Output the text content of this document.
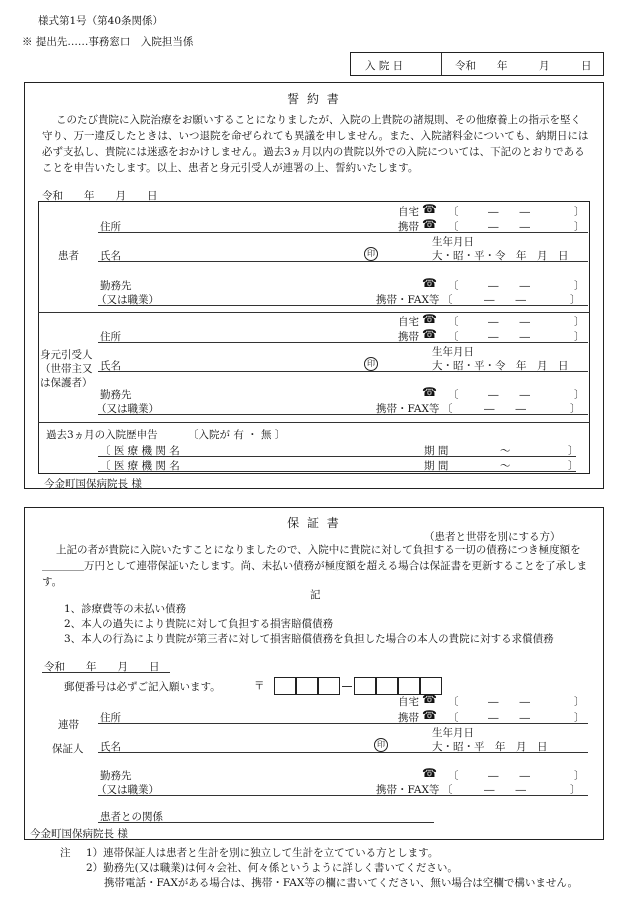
様式第1号（第40条関係）
※ 提出先……事務窓口　入院担当係
入 院 日	令和　　年　　　月　　　日
誓 約 書
このたび貴院に入院治療をお願いすることになりましたが、入院の上貴院の諸規則、その他療養上の指示を堅く守り、万一違反したときは、いつ退院を命ぜられても異議を申しません。また、入院諸料金についても、納期日には必ず支払し、貴院には迷惑をおかけしません。過去3ヵ月以内の貴院以外での入院については、下記のとおりであることを申告いたします。以上、患者と身元引受人が連署の上、誓約いたします。
令和　　年　　月　　日
患者
自宅 ☎ 〔	―　　―	〕
住所	携帯 ☎ 〔	―　　―	〕
生年月日
氏名	印	大・昭・平・令　年　月　日
勤務先	☎ 〔	―　　―	〕
（又は職業）	携帯・FAX等 〔	―　　―	〕
身元引受人
（世帯主又
は保護者）
自宅 ☎ 〔	―　　―	〕
住所	携帯 ☎ 〔	―　　―	〕
生年月日
氏名	印	大・昭・平・令　年　月　日
勤務先	☎ 〔	―　　―	〕
（又は職業）	携帯・FAX等 〔	―　　―	〕
過去3ヵ月の入院歴申告	〔入院が 有 ・ 無 〕
〔 医 療 機 関 名	期 間	〜	〕
〔 医 療 機 関 名	期 間	〜	〕
今金町国保病院長 様
保 証 書
（患者と世帯を別にする方）
上記の者が貴院に入院いたすことになりましたので、入院中に貴院に対して負担する一切の債務につき極度額を＿＿＿＿万円として連帯保証いたします。尚、未払い債務が極度額を超える場合は保証書を更新することを了承します。
記
1、診療費等の未払い債務
2、本人の過失により貴院に対して負担する損害賠償債務
3、本人の行為により貴院が第三者に対して損害賠償債務を負担した場合の本人の貴院に対する求償債務
令和　　年　　月　　日
郵便番号は必ずご記入願います。	〒
連帯
保証人
自宅 ☎ 〔	―　　―	〕
住所	携帯 ☎ 〔	―　　―	〕
生年月日
氏名	印	大・昭・平　年　月　日
勤務先	☎ 〔	―　　―	〕
（又は職業）	携帯・FAX等 〔	―　　―	〕
患者との関係
今金町国保病院長 様
注 1）連帯保証人は患者と生計を別に独立して生計を立てている方とします。
2）勤務先(又は職業)は何々会社、何々係というように詳しく書いてください。
携帯電話・FAXがある場合は、携帯・FAX等の欄に書いてください、無い場合は空欄で構いません。
